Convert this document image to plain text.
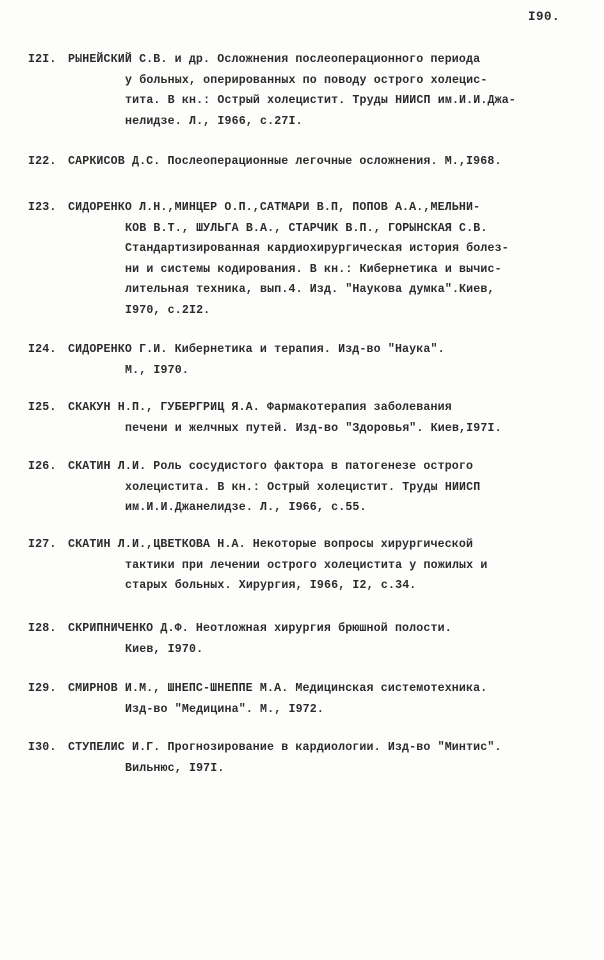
I90.
I2I. РЫНЕЙСКИЙ С.В. и др. Осложнения послеоперационного периода
у больных, оперированных по поводу острого холецис-
тита. В кн.: Острый холецистит. Труды НИИСП им.И.И.Джа-
нелидзе. Л., I966, с.27I.
I22. САРКИСОВ Д.С. Послеоперационные легочные осложнения. М.,I968.
I23. СИДОРЕНКО Л.Н.,МИНЦЕР О.П.,САТМАРИ В.П, ПОПОВ А.А.,МЕЛЬНИ-
КОВ В.Т., ШУЛЬГА В.А., СТАРЧИК В.П., ГОРЫНСКАЯ С.В.
Стандартизированная кардиохирургическая история болез-
ни и системы кодирования. В кн.: Кибернетика и вычис-
лительная техника, вып.4. Изд. "Наукова думка".Киев,
I970, с.2I2.
I24. СИДОРЕНКО Г.И. Кибернетика и терапия. Изд-во "Наука".
М., I970.
I25. СКАКУН Н.П., ГУБЕРГРИЦ Я.А. Фармакотерапия заболевания
печени и желчных путей. Изд-во "Здоровья". Киев,I97I.
I26. СКАТИН Л.И. Роль сосудистого фактора в патогенезе острого
холецистита. В кн.: Острый холецистит. Труды НИИСП
им.И.И.Джанелидзе. Л., I966, с.55.
I27. СКАТИН Л.И.,ЦВЕТКОВА Н.А. Некоторые вопросы хирургической
тактики при лечении острого холецистита у пожилых и
старых больных. Хирургия, I966, I2, с.34.
I28. СКРИПНИЧЕНКО Д.Ф. Неотложная хирургия брюшной полости.
Киев, I970.
I29. СМИРНОВ И.М., ШНЕПС-ШНЕППЕ М.А. Медицинская системотехника.
Изд-во "Медицина". М., I972.
I30. СТУПЕЛИС И.Г. Прогнозирование в кардиологии. Изд-во "Минтис".
Вильнюс, I97I.
